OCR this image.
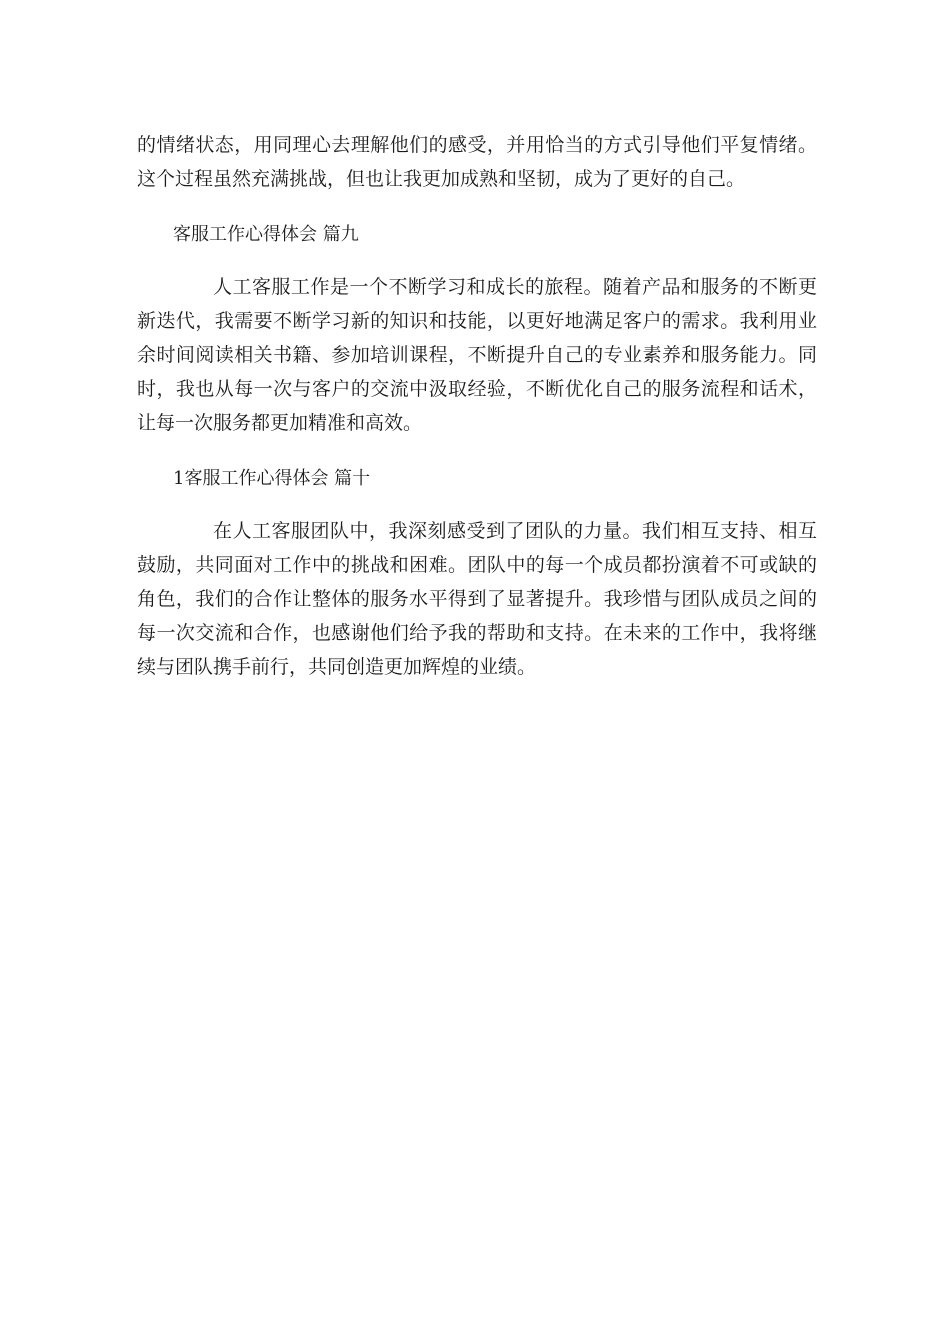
的情绪状态，用同理心去理解他们的感受，并用恰当的方式引导他们平复情绪。这个过程虽然充满挑战，但也让我更加成熟和坚韧，成为了更好的自己。

客服工作心得体会 篇九

人工客服工作是一个不断学习和成长的旅程。随着产品和服务的不断更新迭代，我需要不断学习新的知识和技能，以更好地满足客户的需求。我利用业余时间阅读相关书籍、参加培训课程，不断提升自己的专业素养和服务能力。同时，我也从每一次与客户的交流中汲取经验，不断优化自己的服务流程和话术，让每一次服务都更加精准和高效。

1客服工作心得体会 篇十

在人工客服团队中，我深刻感受到了团队的力量。我们相互支持、相互鼓励，共同面对工作中的挑战和困难。团队中的每一个成员都扮演着不可或缺的角色，我们的合作让整体的服务水平得到了显著提升。我珍惜与团队成员之间的每一次交流和合作，也感谢他们给予我的帮助和支持。在未来的工作中，我将继续与团队携手前行，共同创造更加辉煌的业绩。
